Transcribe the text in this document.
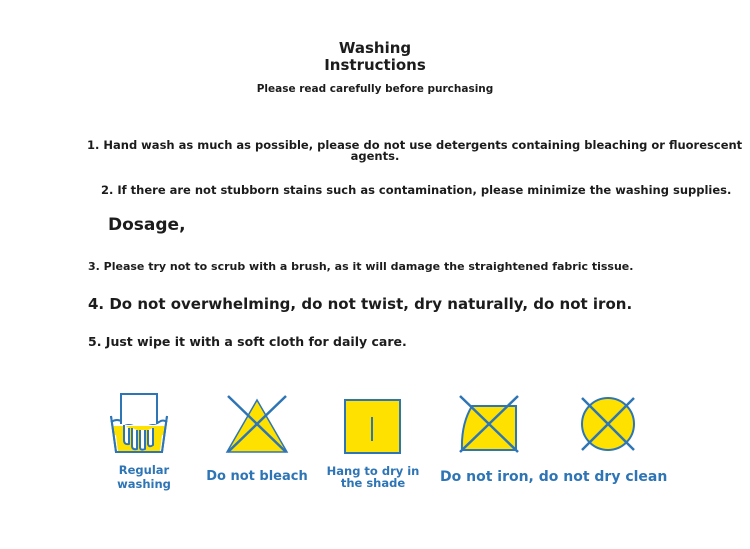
Washing
Instructions
Please read carefully before purchasing
1. Hand wash as much as possible, please do not use detergents containing bleaching or fluorescent
agents.
2. If there are not stubborn stains such as contamination, please minimize the washing supplies.
Dosage,
3. Please try not to scrub with a brush, as it will damage the straightened fabric tissue.
4. Do not overwhelming, do not twist, dry naturally, do not iron.
5. Just wipe it with a soft cloth for daily care.
Regular
washing	Do not bleach	Hang to dry in
the shade	Do not iron, do not dry clean
